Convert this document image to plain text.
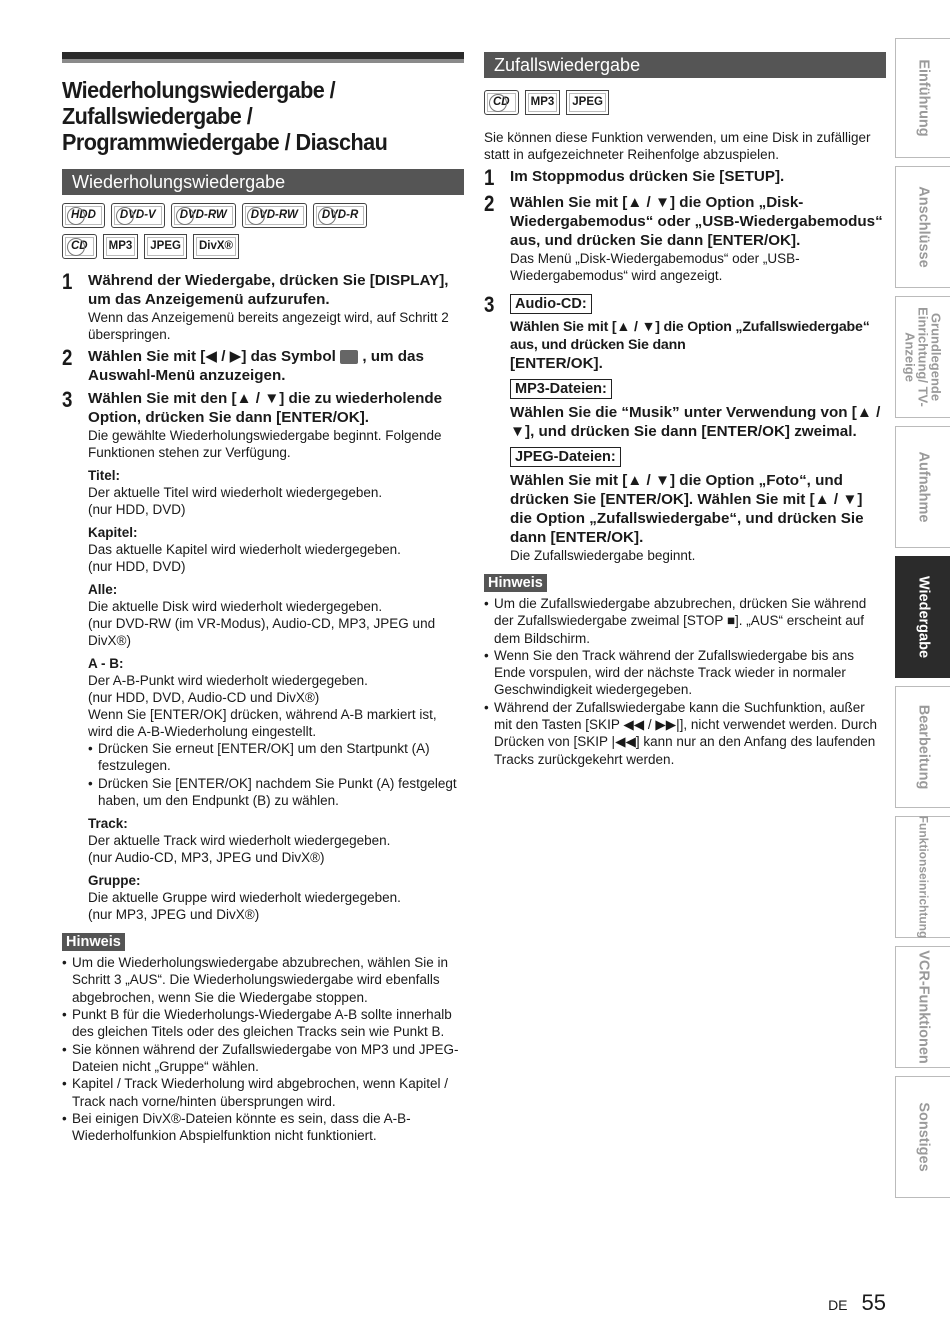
Wiederholungswiedergabe /
Zufallswiedergabe /
Programmwiedergabe / Diaschau
Wiederholungswiedergabe
HDD	DVD-V	DVD-RW	DVD-RW	DVD-R
CD	MP3	JPEG	DivX®
1	Während der Wiedergabe, drücken Sie [DISPLAY], um das Anzeigemenü aufzurufen.
Wenn das Anzeigemenü bereits angezeigt wird, auf Schritt 2 überspringen.
2	Wählen Sie mit [◀ / ▶] das Symbol , um das Auswahl-Menü anzuzeigen.
3	Wählen Sie mit den [▲ / ▼] die zu wiederholende Option, drücken Sie dann [ENTER/OK].
Die gewählte Wiederholungswiedergabe beginnt. Folgende Funktionen stehen zur Verfügung.
Titel:
Der aktuelle Titel wird wiederholt wiedergegeben.
(nur HDD, DVD)
Kapitel:
Das aktuelle Kapitel wird wiederholt wiedergegeben.
(nur HDD, DVD)
Alle:
Die aktuelle Disk wird wiederholt wiedergegeben.
(nur DVD-RW (im VR-Modus), Audio-CD, MP3, JPEG und DivX®)
A - B:
Der A-B-Punkt wird wiederholt wiedergegeben.
(nur HDD, DVD, Audio-CD und DivX®)
Wenn Sie [ENTER/OK] drücken, während A-B markiert ist, wird die A-B-Wiederholung eingestellt.
• Drücken Sie erneut [ENTER/OK] um den Startpunkt (A) festzulegen.
• Drücken Sie [ENTER/OK] nachdem Sie Punkt (A) festgelegt haben, um den Endpunkt (B) zu wählen.
Track:
Der aktuelle Track wird wiederholt wiedergegeben.
(nur Audio-CD, MP3, JPEG und DivX®)
Gruppe:
Die aktuelle Gruppe wird wiederholt wiedergegeben.
(nur MP3, JPEG und DivX®)
Hinweis
• Um die Wiederholungswiedergabe abzubrechen, wählen Sie in Schritt 3 „AUS“. Die Wiederholungswiedergabe wird ebenfalls abgebrochen, wenn Sie die Wiedergabe stoppen.
• Punkt B für die Wiederholungs-Wiedergabe A-B sollte innerhalb des gleichen Titels oder des gleichen Tracks sein wie Punkt B.
• Sie können während der Zufallswiedergabe von MP3 und JPEG-Dateien nicht „Gruppe“ wählen.
• Kapitel / Track Wiederholung wird abgebrochen, wenn Kapitel / Track nach vorne/hinten übersprungen wird.
• Bei einigen DivX®-Dateien könnte es sein, dass die A-B-Wiederholfunkion Abspielfunktion nicht funktioniert.
Zufallswiedergabe
CD	MP3	JPEG
Sie können diese Funktion verwenden, um eine Disk in zufälliger statt in aufgezeichneter Reihenfolge abzuspielen.
1	Im Stoppmodus drücken Sie [SETUP].
2	Wählen Sie mit [▲ / ▼] die Option „Disk-Wiedergabemodus“ oder „USB-Wiedergabemodus“ aus, und drücken Sie dann [ENTER/OK].
Das Menü „Disk-Wiedergabemodus“ oder „USB-Wiedergabemodus“ wird angezeigt.
3	Audio-CD:
Wählen Sie mit [▲ / ▼] die Option „Zufallswiedergabe“ aus, und drücken Sie dann
[ENTER/OK].
MP3-Dateien:
Wählen Sie die “Musik” unter Verwendung von [▲ / ▼], und drücken Sie dann [ENTER/OK] zweimal.
JPEG-Dateien:
Wählen Sie mit [▲ / ▼] die Option „Foto“, und drücken Sie [ENTER/OK]. Wählen Sie mit [▲ / ▼] die Option „Zufallswiedergabe“, und drücken Sie dann [ENTER/OK].
Die Zufallswiedergabe beginnt.
Hinweis
• Um die Zufallswiedergabe abzubrechen, drücken Sie während der Zufallswiedergabe zweimal [STOP ■]. „AUS“ erscheint auf dem Bildschirm.
• Wenn Sie den Track während der Zufallswiedergabe bis ans Ende vorspulen, wird der nächste Track wieder in normaler Geschwindigkeit wiedergegeben.
• Während der Zufallswiedergabe kann die Suchfunktion, außer mit den Tasten [SKIP ◀◀ / ▶▶|], nicht verwendet werden. Durch Drücken von [SKIP |◀◀] kann nur an den Anfang des laufenden Tracks zurückgekehrt werden.
Einführung
Anschlüsse
Grundlegende Einrichtung/ TV-Anzeige
Aufnahme
Wiedergabe
Bearbeitung
Funktionseinrichtung
VCR-Funktionen
Sonstiges
DE 55
